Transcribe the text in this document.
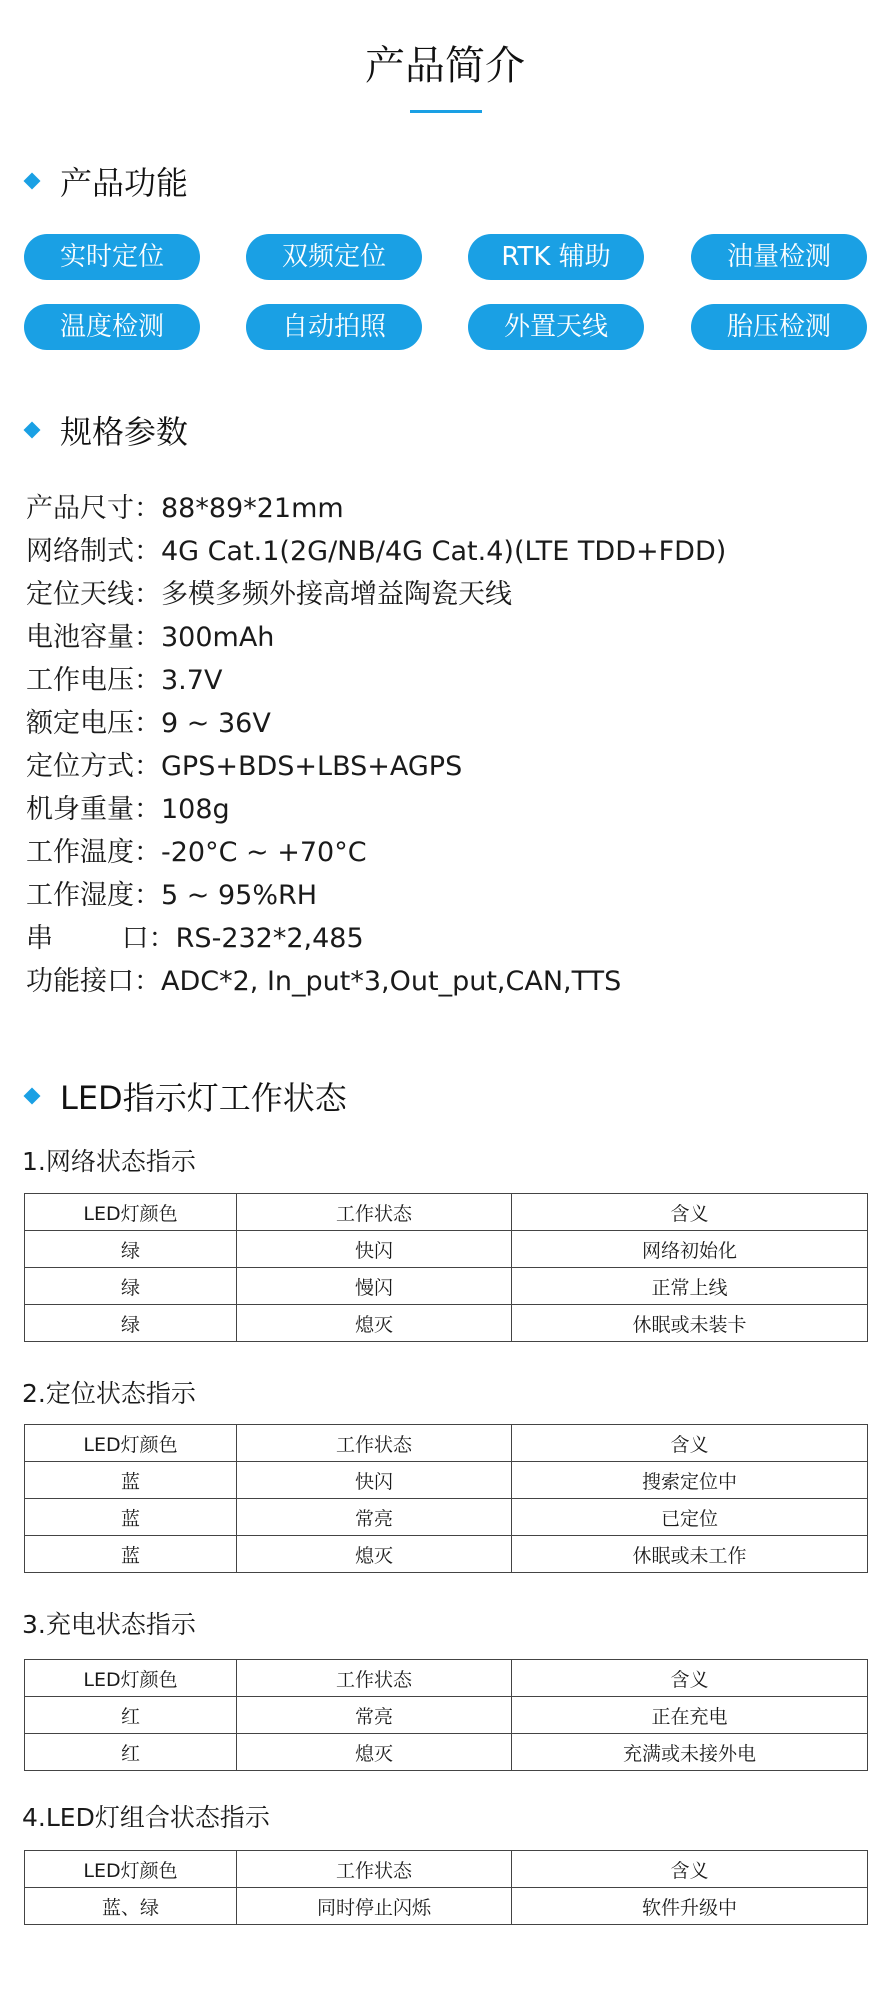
产品简介
产品功能
实时定位	双频定位	RTK 辅助	油量检测
温度检测	自动拍照	外置天线	胎压检测
规格参数
产品尺寸：88*89*21mm
网络制式：4G Cat.1(2G/NB/4G Cat.4)(LTE TDD+FDD)
定位天线：多模多频外接高增益陶瓷天线
电池容量：300mAh
工作电压：3.7V
额定电压：9 ~ 36V
定位方式：GPS+BDS+LBS+AGPS
机身重量：108g
工作温度：-20°C ~ +70°C
工作湿度：5 ~ 95%RH
串        口：RS-232*2,485
功能接口：ADC*2, In_put*3,Out_put,CAN,TTS
LED指示灯工作状态
1.网络状态指示
LED灯颜色	工作状态	含义
绿	快闪	网络初始化
绿	慢闪	正常上线
绿	熄灭	休眠或未装卡
2.定位状态指示
LED灯颜色	工作状态	含义
蓝	快闪	搜索定位中
蓝	常亮	已定位
蓝	熄灭	休眠或未工作
3.充电状态指示
LED灯颜色	工作状态	含义
红	常亮	正在充电
红	熄灭	充满或未接外电
4.LED灯组合状态指示
LED灯颜色	工作状态	含义
蓝、绿	同时停止闪烁	软件升级中
